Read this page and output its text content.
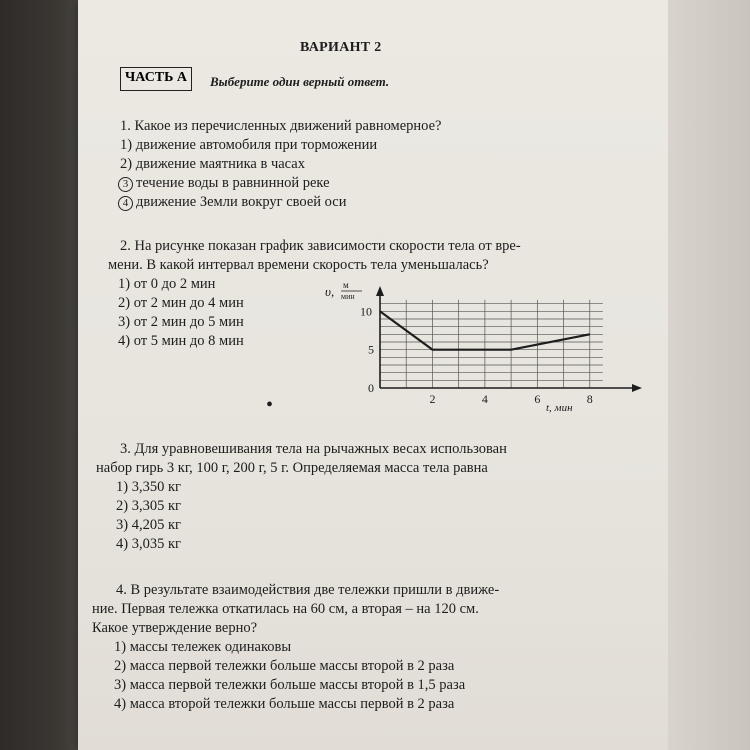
ВАРИАНТ 2
ЧАСТЬ А	Выберите один верный ответ.
1. Какое из перечисленных движений равномерное?
1) движение автомобиля при торможении
2) движение маятника в часах
3 течение воды в равнинной реке
4 движение Земли вокруг своей оси
2. На рисунке показан график зависимости скорости тела от вре-
мени. В какой интервал времени скорость тела уменьшалась?
1) от 0 до 2 мин
2) от 2 мин до 4 мин
3) от 2 мин до 5 мин
4) от 5 мин до 8 мин
2	4	6	8
0
5
10
υ, м
мин
t, мин
•
3. Для уравновешивания тела на рычажных весах использован
набор гирь 3 кг, 100 г, 200 г, 5 г. Определяемая масса тела равна
1) 3,350 кг
2) 3,305 кг
3) 4,205 кг
4) 3,035 кг
4. В результате взаимодействия две тележки пришли в движе-
ние. Первая тележка откатилась на 60 см, а вторая – на 120 см.
Какое утверждение верно?
1) массы тележек одинаковы
2) масса первой тележки больше массы второй в 2 раза
3) масса первой тележки больше массы второй в 1,5 раза
4) масса второй тележки больше массы первой в 2 раза
